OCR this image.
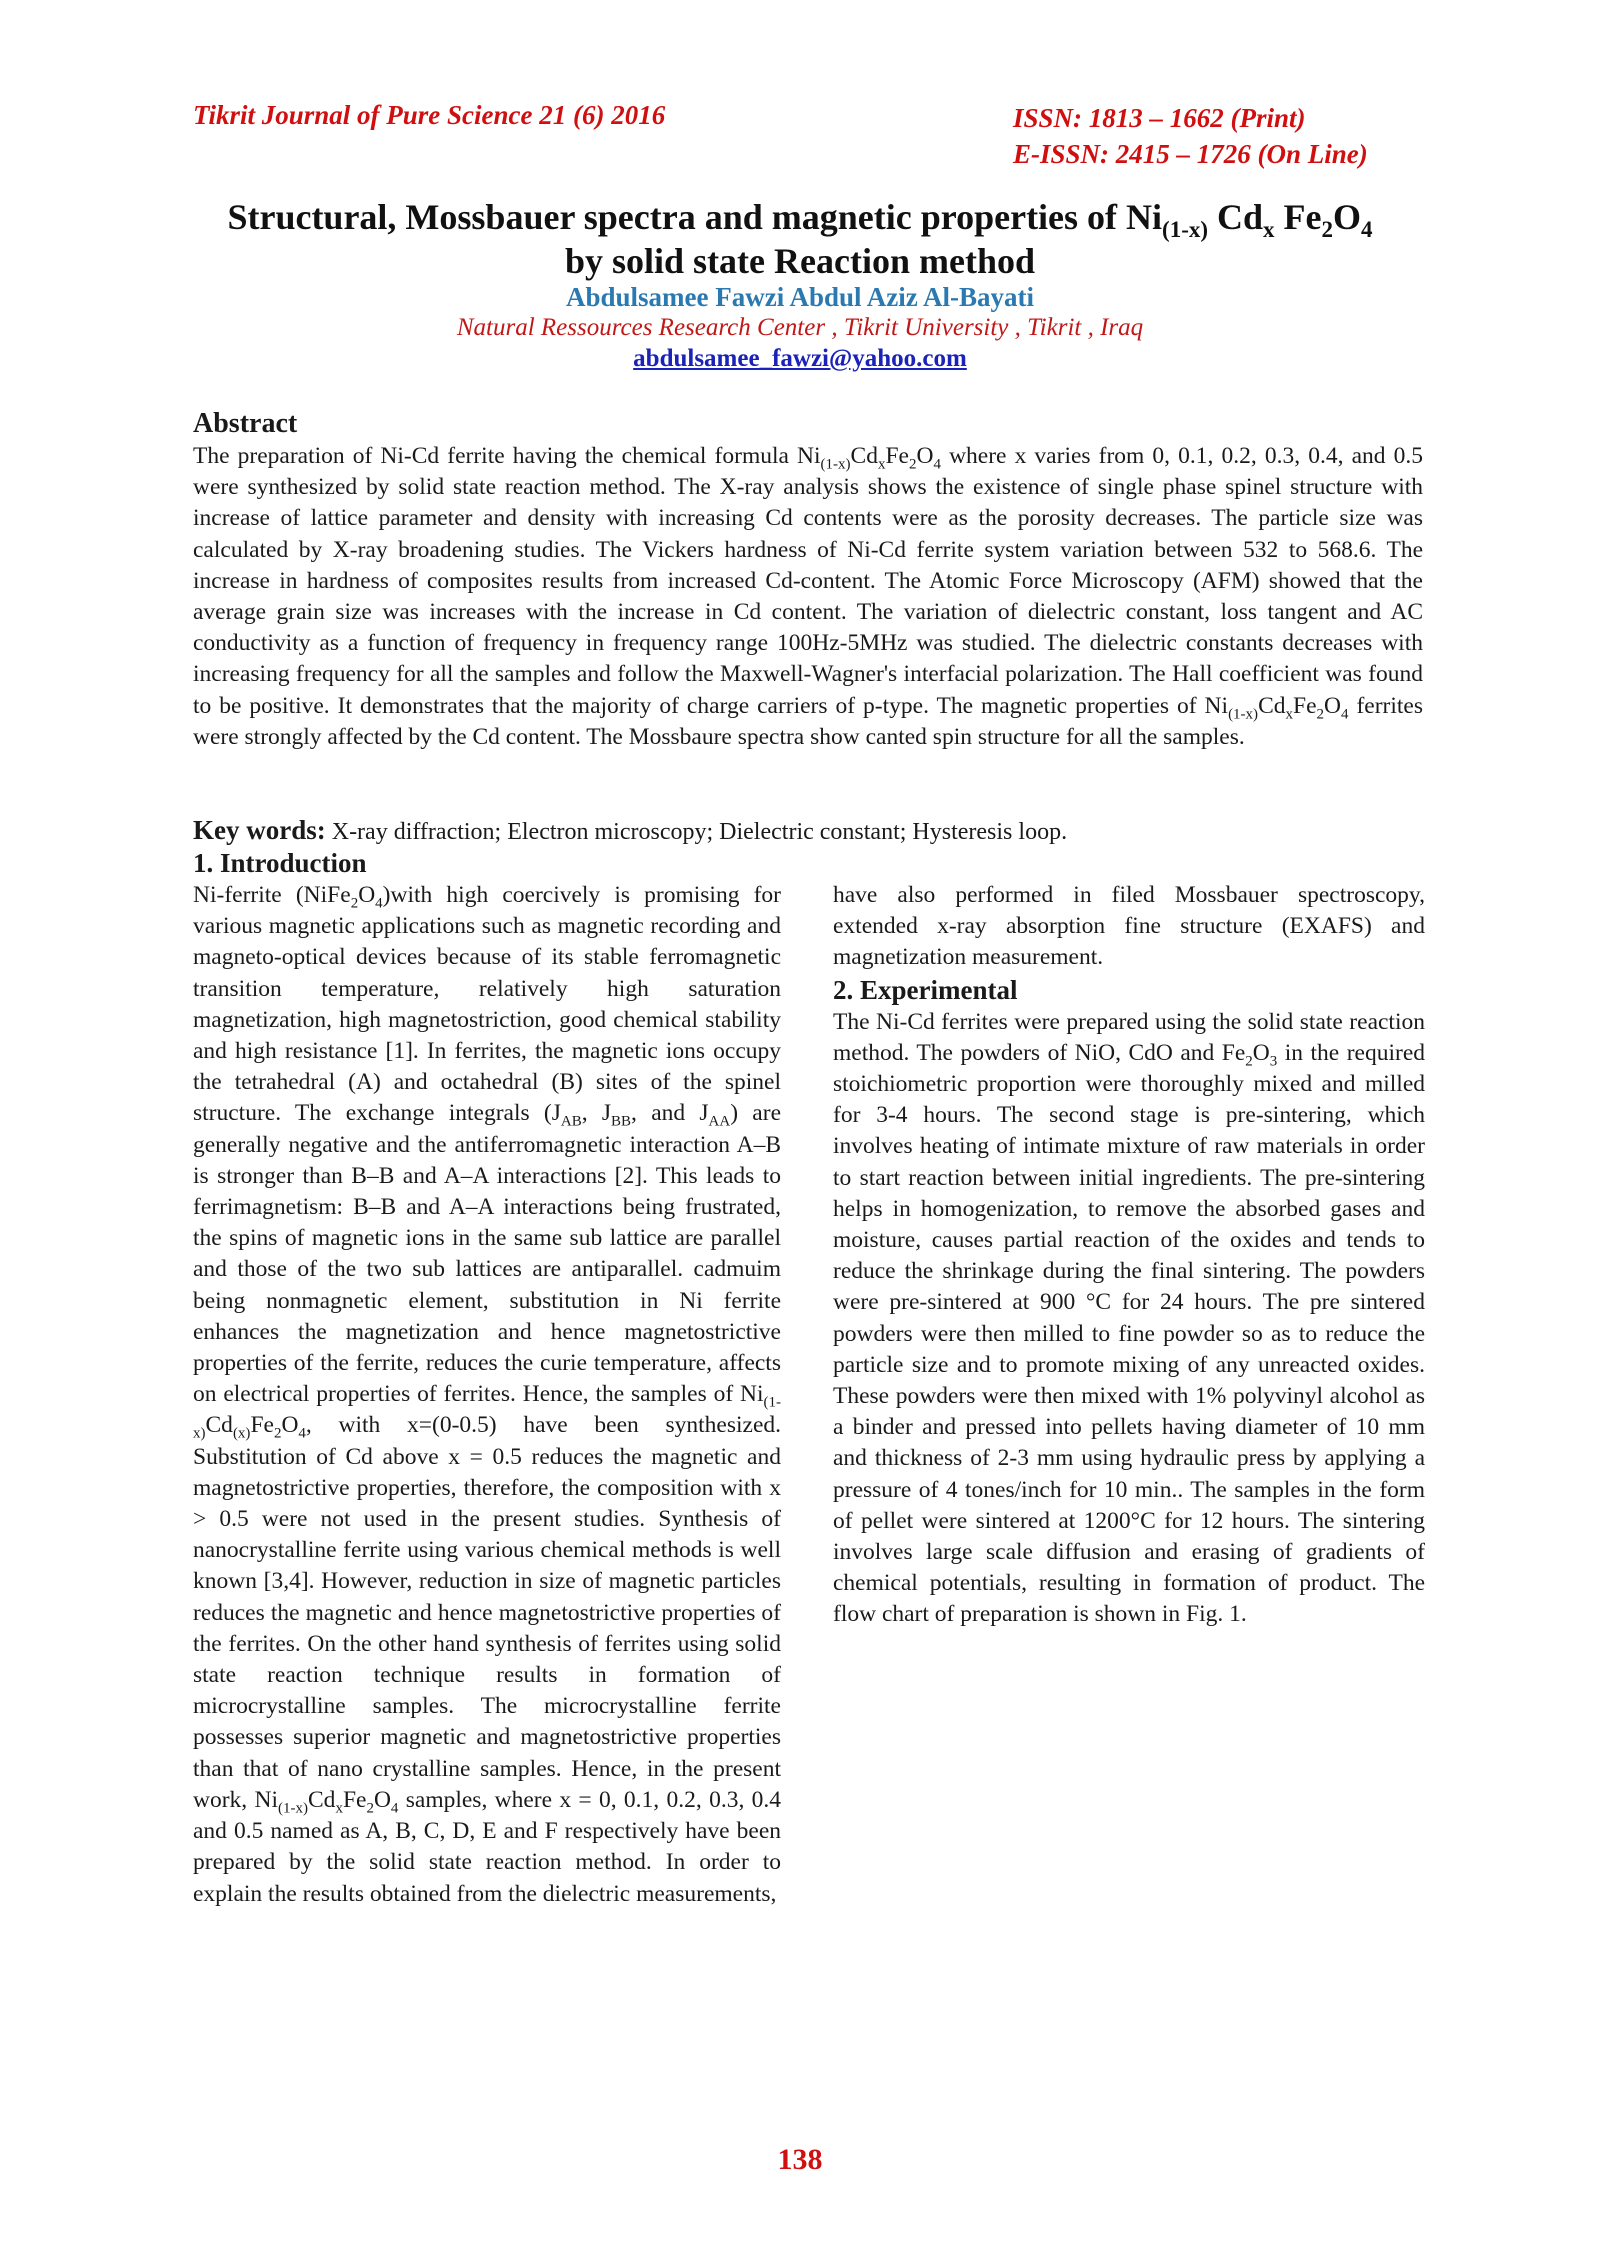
Tikrit Journal of Pure Science 21 (6) 2016	ISSN: 1813 – 1662 (Print)
E-ISSN: 2415 – 1726 (On Line)
Structural, Mossbauer spectra and magnetic properties of $Ni_{(1-x)}$ $Cd_x$ $Fe_2O_4$
by solid state Reaction method
Abdulsamee Fawzi Abdul Aziz Al-Bayati
Natural Ressources Research Center , Tikrit University , Tikrit , Iraq
abdulsamee_fawzi@yahoo.com
Abstract

The preparation of Ni-Cd ferrite having the chemical formula $Ni_{(1-x)}Cd_xFe_2O_4$ where x varies from 0, 0.1, 0.2, 0.3, 0.4, and 0.5 were synthesized by solid state reaction method. The X-ray analysis shows the existence of single phase spinel structure with increase of lattice parameter and density with increasing Cd contents were as the porosity decreases. The particle size was calculated by X-ray broadening studies. The Vickers hardness of Ni-Cd ferrite system variation between 532 to 568.6. The increase in hardness of composites results from increased Cd-content. The Atomic Force Microscopy (AFM) showed that the average grain size was increases with the increase in Cd content. The variation of dielectric constant, loss tangent and AC conductivity as a function of frequency in frequency range 100Hz-5MHz was studied. The dielectric constants decreases with increasing frequency for all the samples and follow the Maxwell-Wagner's interfacial polarization. The Hall coefficient was found to be positive. It demonstrates that the majority of charge carriers of p-type. The magnetic properties of $Ni_{(1-x)}Cd_xFe_2O_4$ ferrites were strongly affected by the Cd content. The Mossbaure spectra show canted spin structure for all the samples.

Key words: X-ray diffraction; Electron microscopy; Dielectric constant; Hysteresis loop.
1. Introduction

Ni-ferrite $(NiFe_2O_4)with$ high coercively is promising for various magnetic applications such as magnetic recording and magneto-optical devices because of its stable ferromagnetic transition temperature, relatively high saturation magnetization, high magnetostriction, good chemical stability and high resistance [1]. In ferrites, the magnetic ions occupy the tetrahedral (A) and octahedral (B) sites of the spinel structure. The exchange integrals ($J_{AB}$, $J_{BB}$, and $J_{AA}$) are generally negative and the antiferromagnetic interaction A–B is stronger than B–B and A–A interactions [2]. This leads to ferrimagnetism: B–B and A–A interactions being frustrated, the spins of magnetic ions in the same sub lattice are parallel and those of the two sub lattices are antiparallel. cadmuim being nonmagnetic element, substitution in Ni ferrite enhances the magnetization and hence magnetostrictive properties of the ferrite, reduces the curie temperature, affects on electrical properties of ferrites. Hence, the samples of $Ni_{(1-x)}Cd_{(x)}Fe_2O_4$, with x=(0-0.5) have been synthesized. Substitution of Cd above x = 0.5 reduces the magnetic and magnetostrictive properties, therefore, the composition with x > 0.5 were not used in the present studies. Synthesis of nanocrystalline ferrite using various chemical methods is well known [3,4]. However, reduction in size of magnetic particles reduces the magnetic and hence magnetostrictive properties of the ferrites. On the other hand synthesis of ferrites using solid state reaction technique results in formation of microcrystalline samples. The microcrystalline ferrite possesses superior magnetic and magnetostrictive properties than that of nano crystalline samples. Hence, in the present work, $Ni_{(1-x)}Cd_xFe_2O_4$ samples, where x = 0, 0.1, 0.2, 0.3, 0.4 and 0.5 named as A, B, C, D, E and F respectively have been prepared by the solid state reaction method. In order to explain the results obtained from the dielectric measurements,

have also performed in filed Mossbauer spectroscopy, extended x-ray absorption fine structure (EXAFS) and magnetization measurement.

2. Experimental

The Ni-Cd ferrites were prepared using the solid state reaction method. The powders of NiO, CdO and $Fe_2O_3$ in the required stoichiometric proportion were thoroughly mixed and milled for 3-4 hours. The second stage is pre-sintering, which involves heating of intimate mixture of raw materials in order to start reaction between initial ingredients. The pre-sintering helps in homogenization, to remove the absorbed gases and moisture, causes partial reaction of the oxides and tends to reduce the shrinkage during the final sintering. The powders were pre-sintered at 900 °C for 24 hours. The pre sintered powders were then milled to fine powder so as to reduce the particle size and to promote mixing of any unreacted oxides. These powders were then mixed with 1% polyvinyl alcohol as a binder and pressed into pellets having diameter of 10 mm and thickness of 2-3 mm using hydraulic press by applying a pressure of 4 tones/inch for 10 min.. The samples in the form of pellet were sintered at 1200°C for 12 hours. The sintering involves large scale diffusion and erasing of gradients of chemical potentials, resulting in formation of product. The flow chart of preparation is shown in Fig. 1.

138
